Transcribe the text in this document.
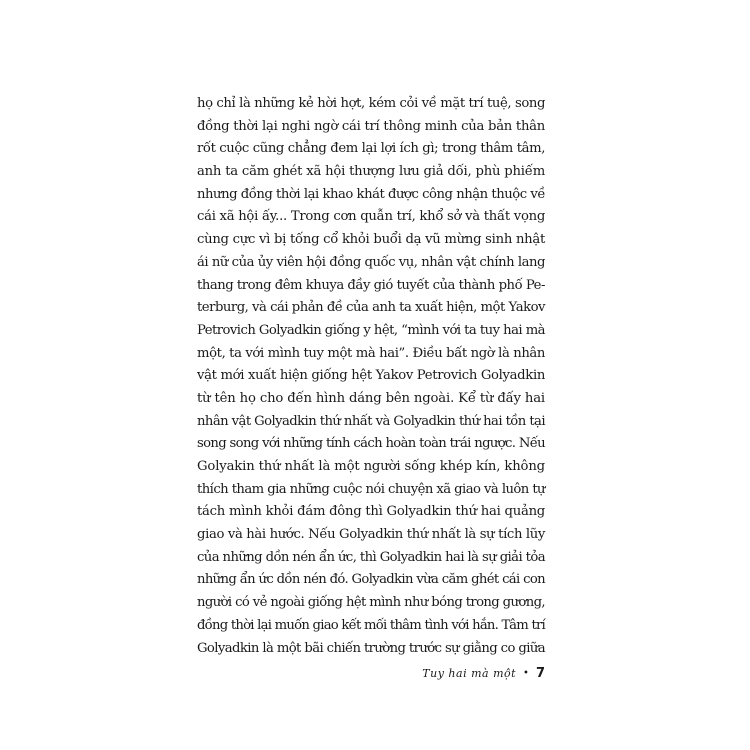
họ chỉ là những kẻ hời hợt, kém cỏi về mặt trí tuệ, song
đồng thời lại nghi ngờ cái trí thông minh của bản thân
rốt cuộc cũng chẳng đem lại lợi ích gì; trong thâm tâm,
anh ta căm ghét xã hội thượng lưu giả dối, phù phiếm
nhưng đồng thời lại khao khát được công nhận thuộc về
cái xã hội ấy... Trong cơn quẫn trí, khổ sở và thất vọng
cùng cực vì bị tống cổ khỏi buổi dạ vũ mừng sinh nhật
ái nữ của ủy viên hội đồng quốc vụ, nhân vật chính lang
thang trong đêm khuya đầy gió tuyết của thành phố Pe-
terburg, và cái phản đề của anh ta xuất hiện, một Yakov
Petrovich Golyadkin giống y hệt, “mình với ta tuy hai mà
một, ta với mình tuy một mà hai”. Điều bất ngờ là nhân
vật mới xuất hiện giống hệt Yakov Petrovich Golyadkin
từ tên họ cho đến hình dáng bên ngoài. Kể từ đấy hai
nhân vật Golyadkin thứ nhất và Golyadkin thứ hai tồn tại
song song với những tính cách hoàn toàn trái ngược. Nếu
Golyakin thứ nhất là một người sống khép kín, không
thích tham gia những cuộc nói chuyện xã giao và luôn tự
tách mình khỏi đám đông thì Golyadkin thứ hai quảng
giao và hài hước. Nếu Golyadkin thứ nhất là sự tích lũy
của những dồn nén ẩn ức, thì Golyadkin hai là sự giải tỏa
những ẩn ức dồn nén đó. Golyadkin vừa căm ghét cái con
người có vẻ ngoài giống hệt mình như bóng trong gương,
đồng thời lại muốn giao kết mối thâm tình với hắn. Tâm trí
Golyadkin là một bãi chiến trường trước sự giằng co giữa
Tuy hai mà một • 7
